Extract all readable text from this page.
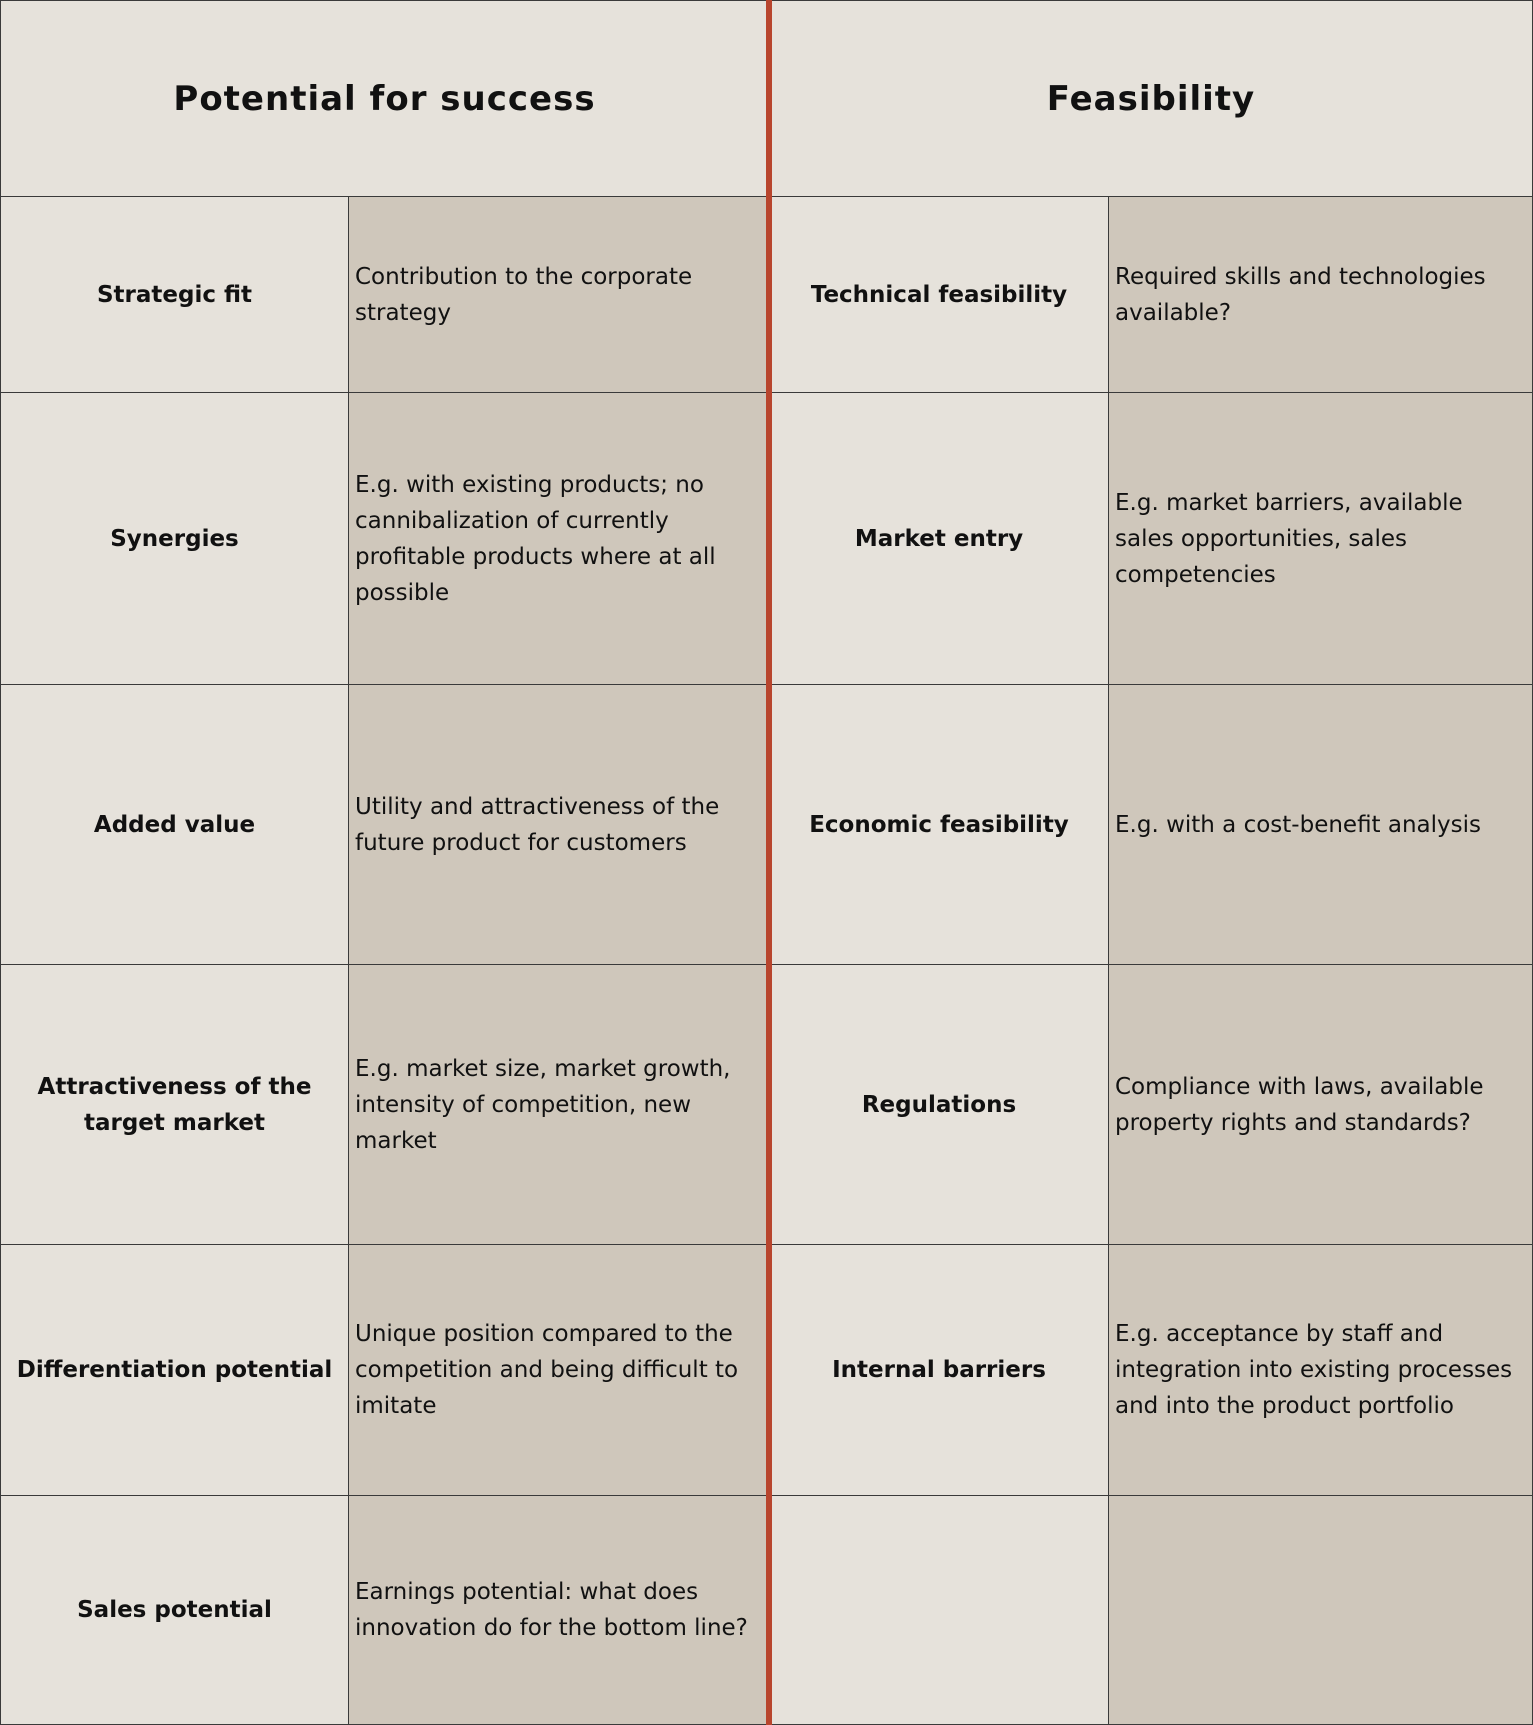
Potential for success	Feasibility
Strategic fit
Contribution to the corporate strategy
Technical feasibility
Required skills and technologies available?
Synergies
E.g. with existing products; no cannibalization of currently profitable products where at all possible
Market entry
E.g. market barriers, available sales opportunities, sales competencies
Added value
Utility and attractiveness of the future product for customers
Economic feasibility	E.g. with a cost-benefit analysis
Attractiveness of the target market
E.g. market size, market growth, intensity of competition, new market
Regulations
Compliance with laws, available property rights and standards?
Differentiation potential
Unique position compared to the competition and being difficult to imitate
Internal barriers
E.g. acceptance by staff and integration into existing processes and into the product portfolio
Sales potential
Earnings potential: what does innovation do for the bottom line?
